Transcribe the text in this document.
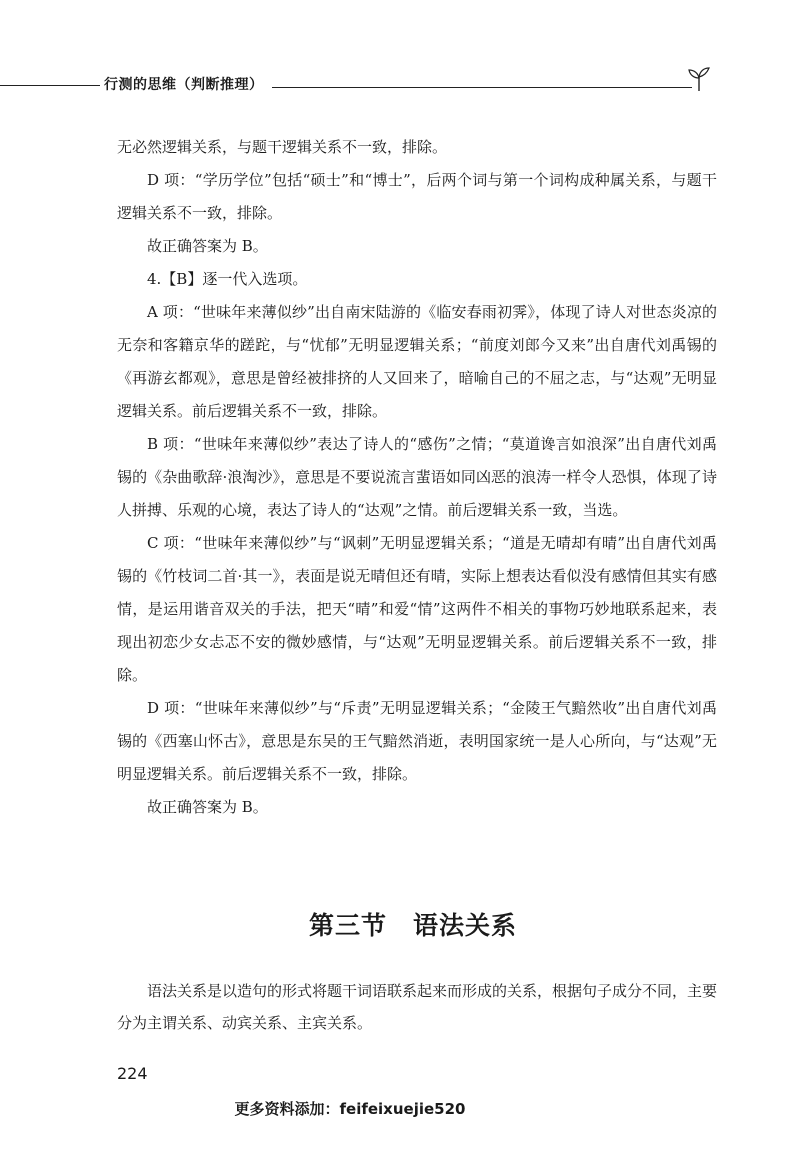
行测的思维（判断推理）

无必然逻辑关系，与题干逻辑关系不一致，排除。

D 项：“学历学位”包括“硕士”和“博士”，后两个词与第一个词构成种属关系，与题干逻辑关系不一致，排除。

故正确答案为 B。

4.【B】逐一代入选项。

A 项：“世味年来薄似纱”出自南宋陆游的《临安春雨初霁》，体现了诗人对世态炎凉的无奈和客籍京华的蹉跎，与“忧郁”无明显逻辑关系；“前度刘郎今又来”出自唐代刘禹锡的《再游玄都观》，意思是曾经被排挤的人又回来了，暗喻自己的不屈之志，与“达观”无明显逻辑关系。前后逻辑关系不一致，排除。

B 项：“世味年来薄似纱”表达了诗人的“感伤”之情；“莫道谗言如浪深”出自唐代刘禹锡的《杂曲歌辞·浪淘沙》，意思是不要说流言蜚语如同凶恶的浪涛一样令人恐惧，体现了诗人拼搏、乐观的心境，表达了诗人的“达观”之情。前后逻辑关系一致，当选。

C 项：“世味年来薄似纱”与“讽刺”无明显逻辑关系；“道是无晴却有晴”出自唐代刘禹锡的《竹枝词二首·其一》，表面是说无晴但还有晴，实际上想表达看似没有感情但其实有感情，是运用谐音双关的手法，把天“晴”和爱“情”这两件不相关的事物巧妙地联系起来，表现出初恋少女忐忑不安的微妙感情，与“达观”无明显逻辑关系。前后逻辑关系不一致，排除。

D 项：“世味年来薄似纱”与“斥责”无明显逻辑关系；“金陵王气黯然收”出自唐代刘禹锡的《西塞山怀古》，意思是东吴的王气黯然消逝，表明国家统一是人心所向，与“达观”无明显逻辑关系。前后逻辑关系不一致，排除。

故正确答案为 B。

第三节　语法关系

语法关系是以造句的形式将题干词语联系起来而形成的关系，根据句子成分不同，主要分为主谓关系、动宾关系、主宾关系。

224
更多资料添加：feifeixuejie520
